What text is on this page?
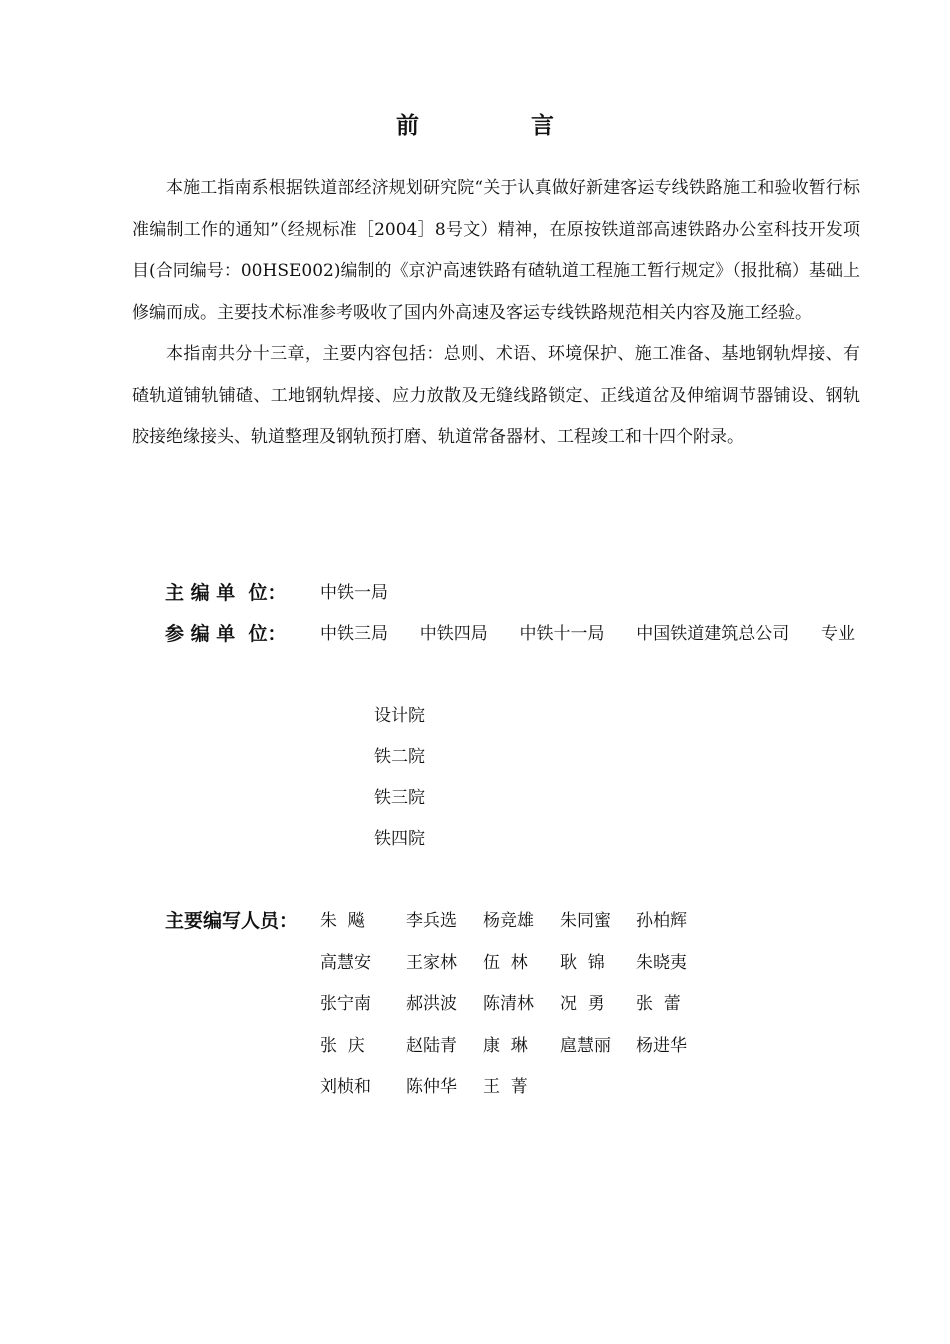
前 言

本施工指南系根据铁道部经济规划研究院“关于认真做好新建客运专线铁路施工和验收暂行标准编制工作的通知”（经规标准［2004］8号文）精神，在原按铁道部高速铁路办公室科技开发项目(合同编号：00HSE002)编制的《京沪高速铁路有碴轨道工程施工暂行规定》（报批稿）基础上修编而成。主要技术标准参考吸收了国内外高速及客运专线铁路规范相关内容及施工经验。

本指南共分十三章，主要内容包括：总则、术语、环境保护、施工准备、基地钢轨焊接、有碴轨道铺轨铺碴、工地钢轨焊接、应力放散及无缝线路锁定、正线道岔及伸缩调节器铺设、钢轨胶接绝缘接头、轨道整理及钢轨预打磨、轨道常备器材、工程竣工和十四个附录。

主 编 单  位：	中铁一局
参 编 单  位：	中铁三局 中铁四局 中铁十一局 中国铁道建筑总公司 专业

设计院
铁二院
铁三院
铁四院

主要编写人员：	朱  飚	李兵选	杨竞雄	朱同蜜	孙柏辉
高慧安	王家林	伍  林	耿  锦	朱晓夷
张宁南	郝洪波	陈清林	况  勇	张  蕾
张  庆	赵陆青	康  琳	扈慧丽	杨进华
刘桢和	陈仲华	王  菁
